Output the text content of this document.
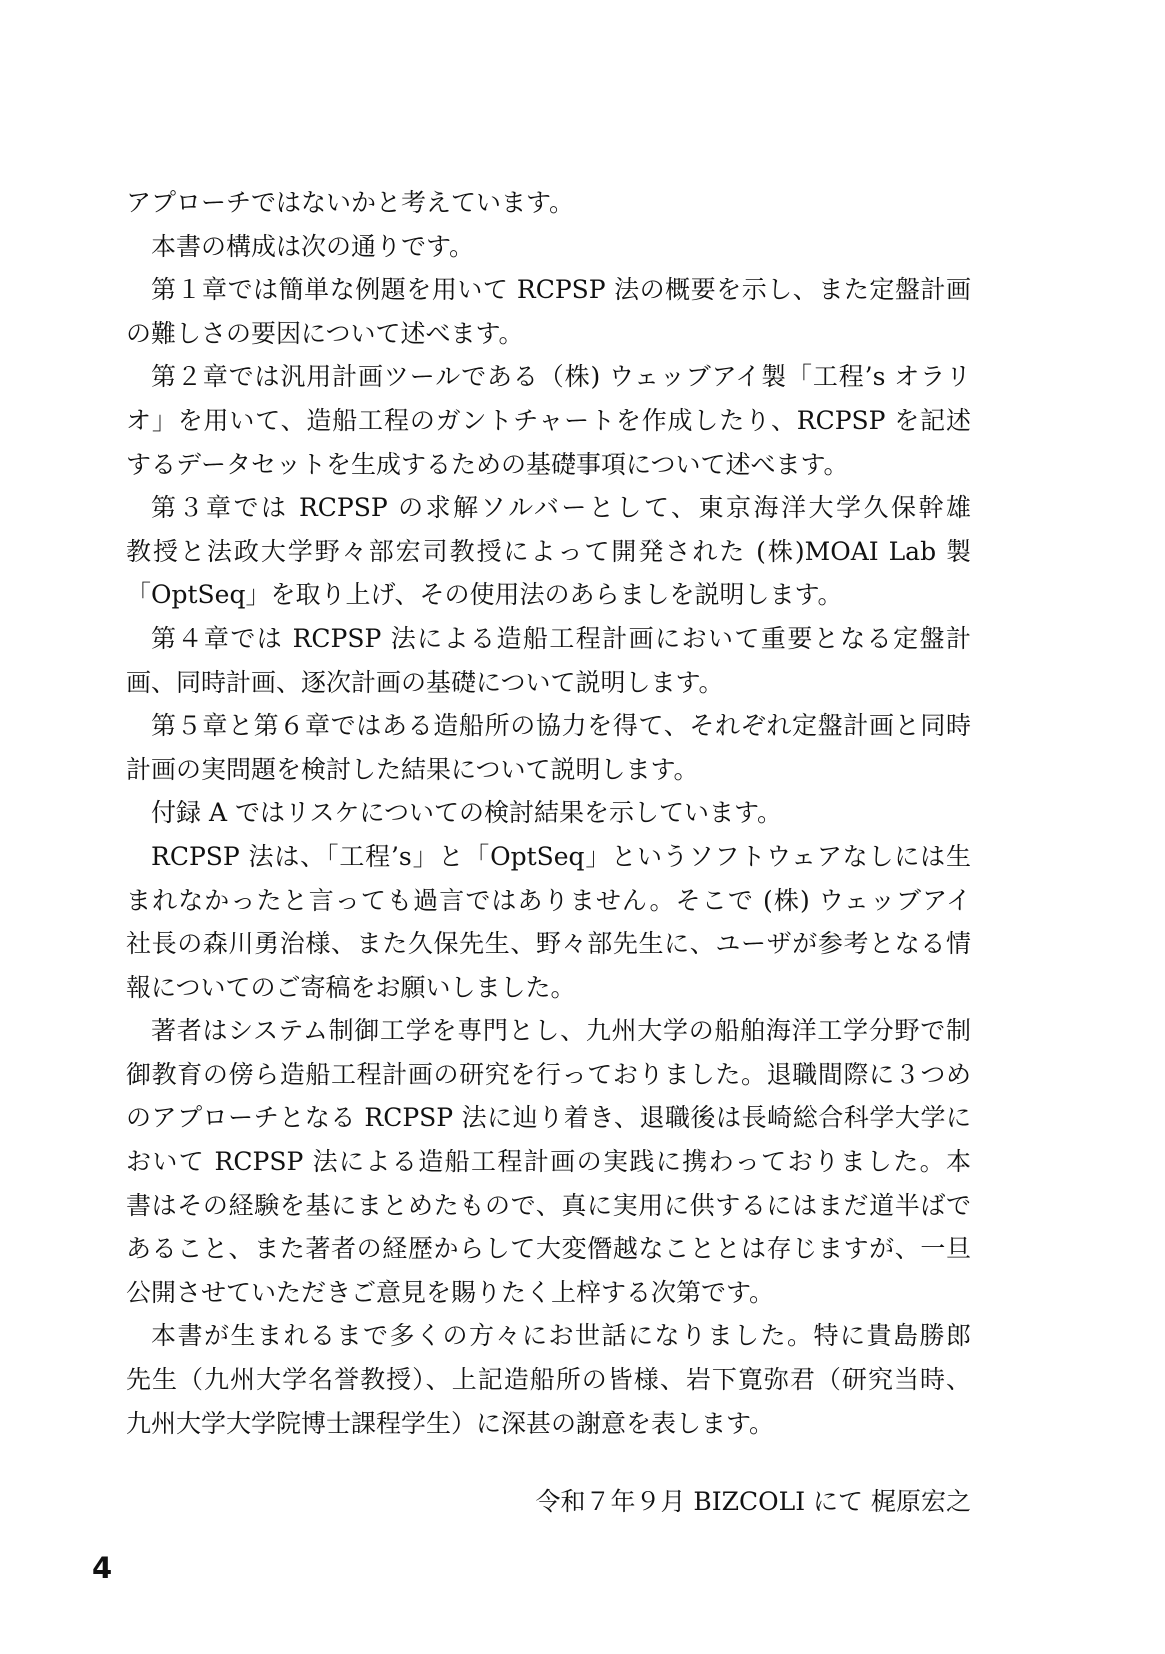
アプローチではないかと考えています。
本書の構成は次の通りです。
第１章では簡単な例題を用いて RCPSP 法の概要を示し、また定盤計画
の難しさの要因について述べます。
第２章では汎用計画ツールである（株) ウェッブアイ製「工程’s オラリ
オ」を用いて、造船工程のガントチャートを作成したり、RCPSP を記述
するデータセットを生成するための基礎事項について述べます。
第３章では RCPSP の求解ソルバーとして、東京海洋大学久保幹雄
教授と法政大学野々部宏司教授によって開発された (株)MOAI Lab 製
「OptSeq」を取り上げ、その使用法のあらましを説明します。
第４章では RCPSP 法による造船工程計画において重要となる定盤計
画、同時計画、逐次計画の基礎について説明します。
第５章と第６章ではある造船所の協力を得て、それぞれ定盤計画と同時
計画の実問題を検討した結果について説明します。
付録 A ではリスケについての検討結果を示しています。
RCPSP 法は、「工程’s」と「OptSeq」というソフトウェアなしには生
まれなかったと言っても過言ではありません。そこで (株) ウェッブアイ
社長の森川勇治様、また久保先生、野々部先生に、ユーザが参考となる情
報についてのご寄稿をお願いしました。
著者はシステム制御工学を専門とし、九州大学の船舶海洋工学分野で制
御教育の傍ら造船工程計画の研究を行っておりました。退職間際に３つめ
のアプローチとなる RCPSP 法に辿り着き、退職後は長崎総合科学大学に
おいて RCPSP 法による造船工程計画の実践に携わっておりました。本
書はその経験を基にまとめたもので、真に実用に供するにはまだ道半ばで
あること、また著者の経歴からして大変僭越なこととは存じますが、一旦
公開させていただきご意見を賜りたく上梓する次第です。
本書が生まれるまで多くの方々にお世話になりました。特に貴島勝郎
先生（九州大学名誉教授）、上記造船所の皆様、岩下寛弥君（研究当時、
九州大学大学院博士課程学生）に深甚の謝意を表します。
令和７年９月 BIZCOLI にて 梶原宏之
4
